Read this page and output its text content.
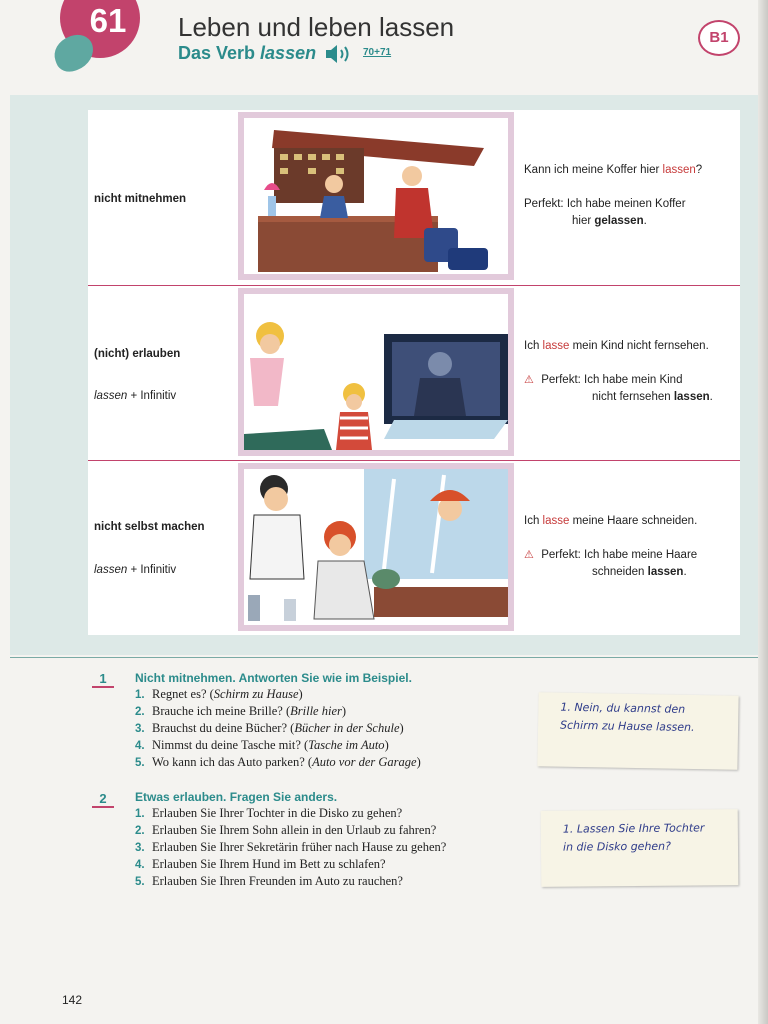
61	Leben und leben lassen
Das Verb lassen	70+71
B1
nicht mitnehmen
Kann ich meine Koffer hier lassen?
Perfekt: Ich habe meinen Koffer
hier gelassen.
(nicht) erlauben
lassen + Infinitiv
Ich lasse mein Kind nicht fernsehen.
⚠ Perfekt: Ich habe mein Kind
nicht fernsehen lassen.
nicht selbst machen
lassen + Infinitiv
Ich lasse meine Haare schneiden.
⚠ Perfekt: Ich habe meine Haare
schneiden lassen.
1	Nicht mitnehmen. Antworten Sie wie im Beispiel.
1. Regnet es? (Schirm zu Hause)
2. Brauche ich meine Brille? (Brille hier)
3. Brauchst du deine Bücher? (Bücher in der Schule)
4. Nimmst du deine Tasche mit? (Tasche im Auto)
5. Wo kann ich das Auto parken? (Auto vor der Garage)
1. Nein, du kannst den
Schirm zu Hause lassen.
2	Etwas erlauben. Fragen Sie anders.
1. Erlauben Sie Ihrer Tochter in die Disko zu gehen?
2. Erlauben Sie Ihrem Sohn allein in den Urlaub zu fahren?
3. Erlauben Sie Ihrer Sekretärin früher nach Hause zu gehen?
4. Erlauben Sie Ihrem Hund im Bett zu schlafen?
5. Erlauben Sie Ihren Freunden im Auto zu rauchen?
1. Lassen Sie Ihre Tochter
in die Disko gehen?
142
